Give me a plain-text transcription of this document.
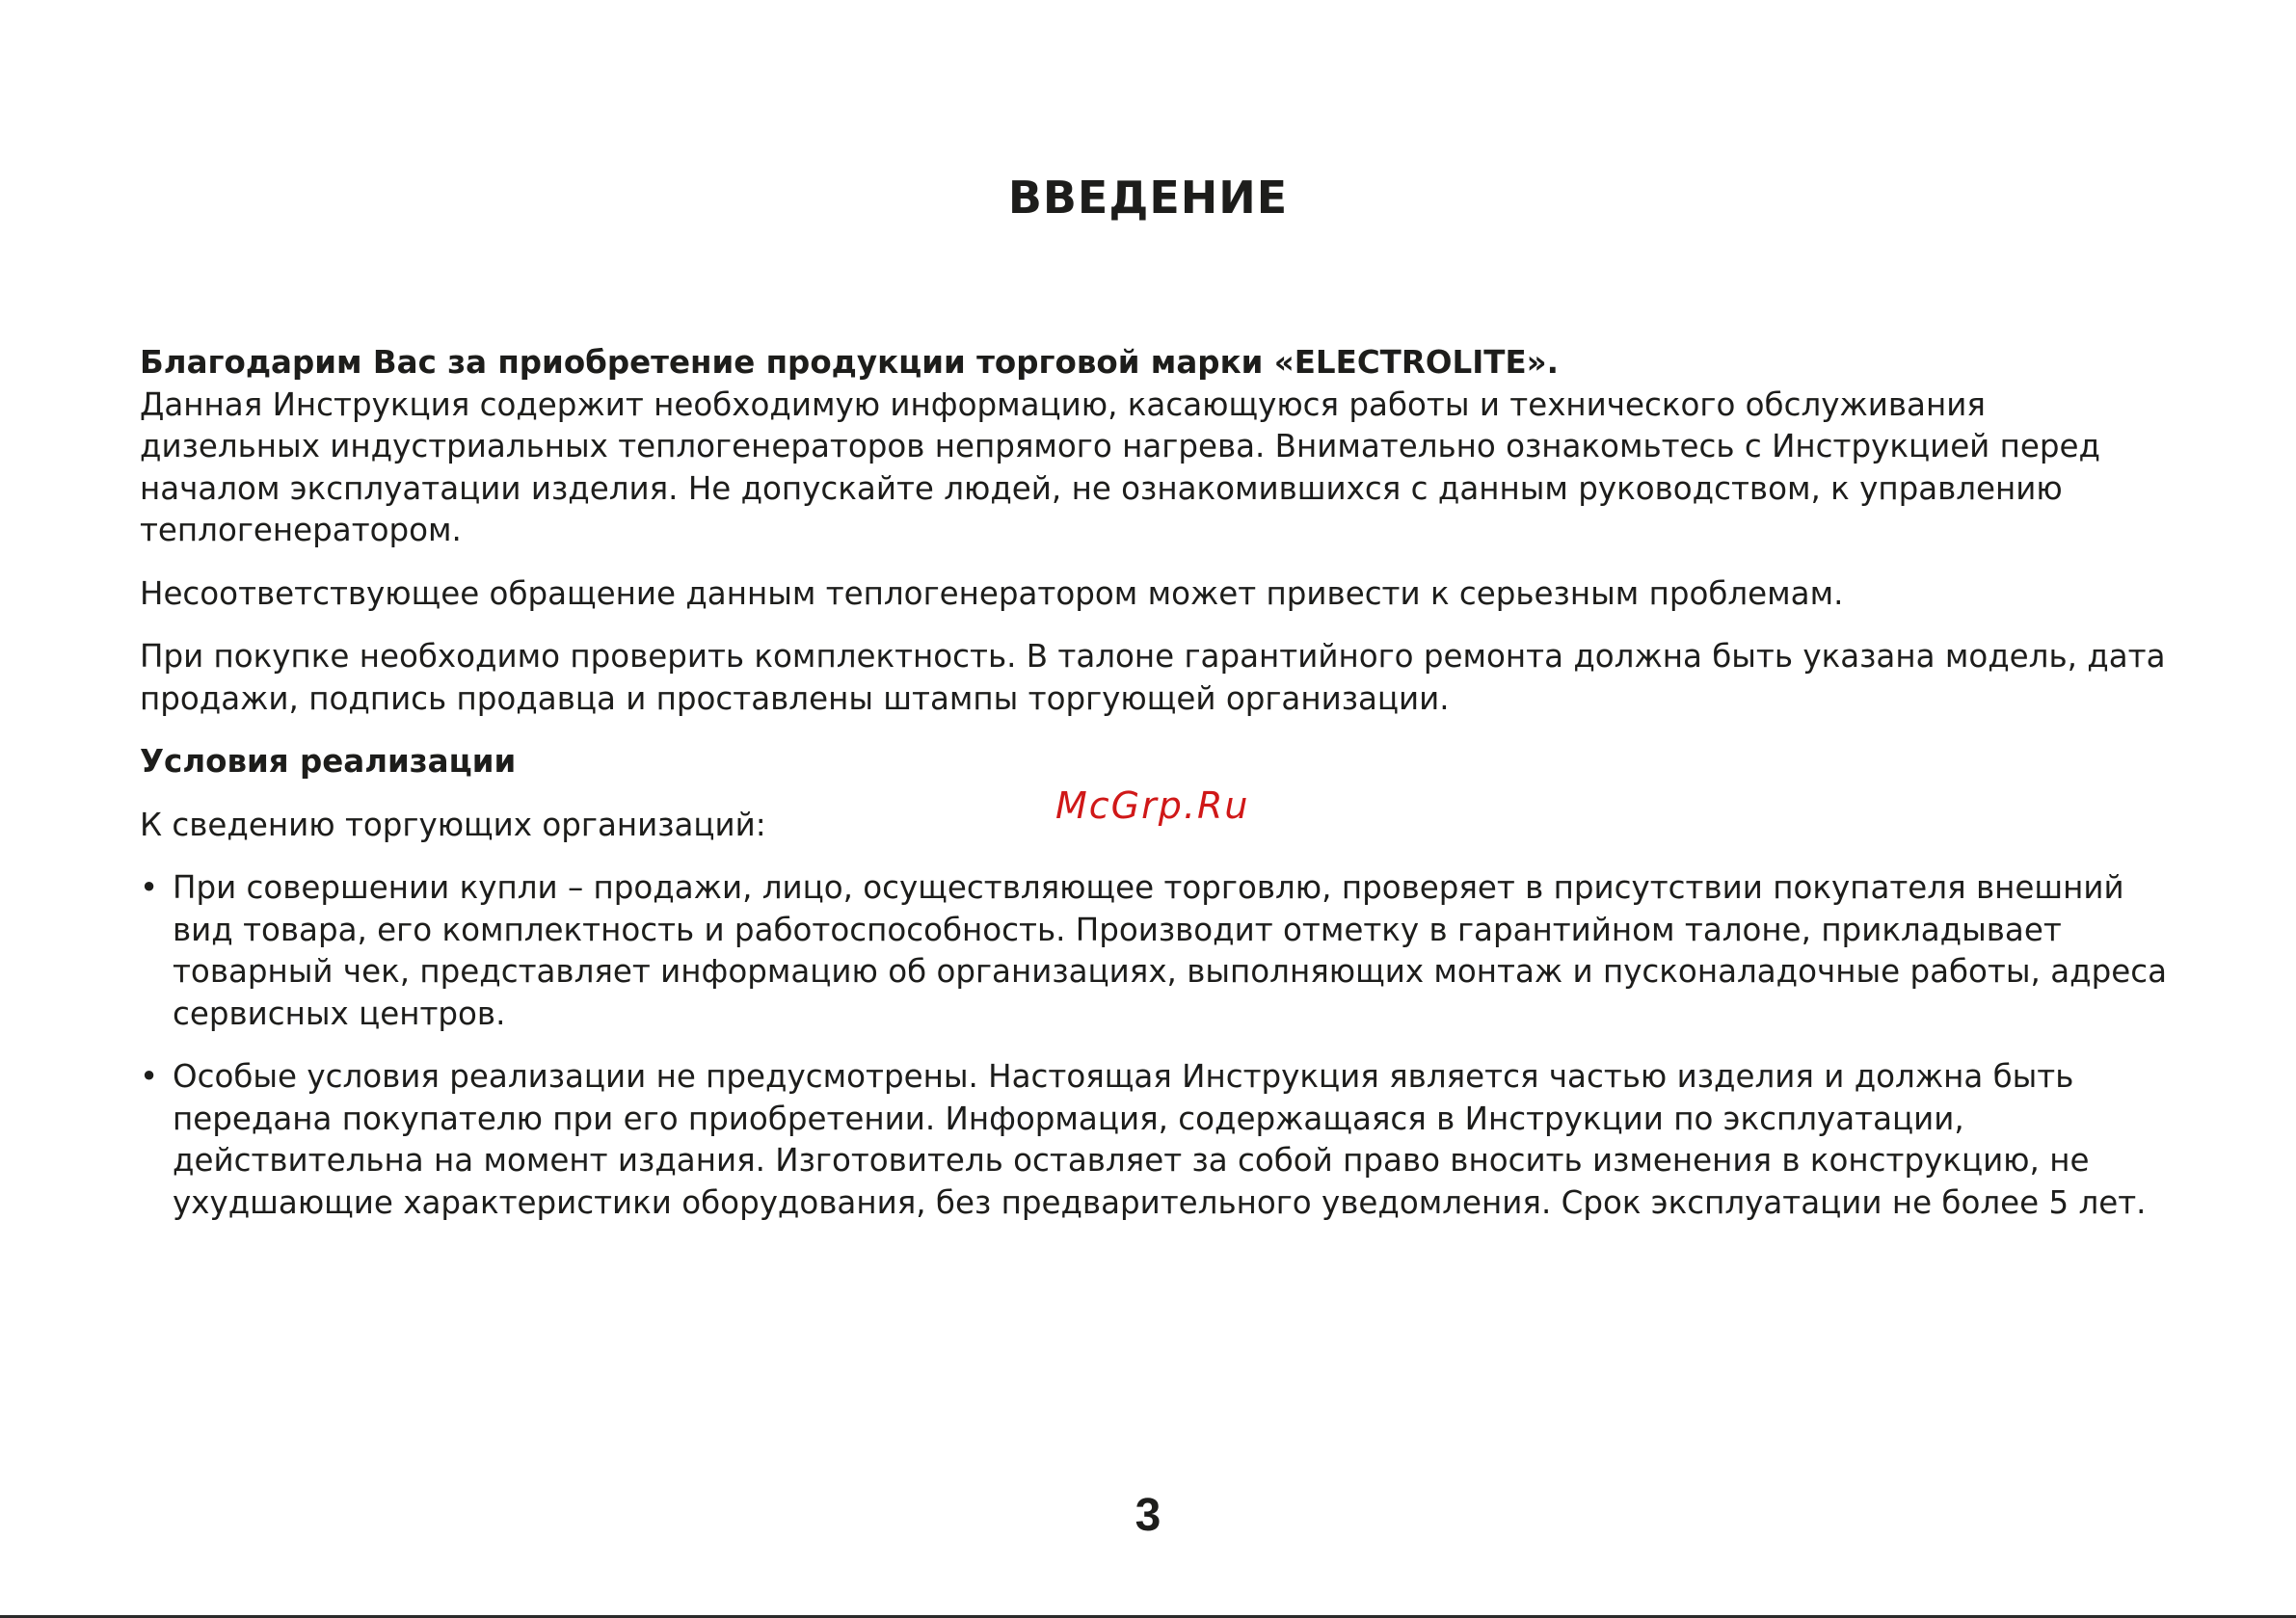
ВВЕДЕНИЕ

Благодарим Вас за приобретение продукции торговой марки «ELECTROLITE».

Данная Инструкция содержит необходимую информацию, касающуюся работы и технического обслуживания дизельных индустриальных теплогенераторов непрямого нагрева. Внимательно ознакомьтесь с Инструкцией перед началом эксплуатации изделия. Не допускайте людей, не ознакомившихся с данным руководством, к управлению теплогенератором.

Несоответствующее обращение данным теплогенератором может привести к серьезным проблемам.

При покупке необходимо проверить комплектность. В талоне гарантийного ремонта должна быть указана модель, дата продажи, подпись продавца и проставлены штампы торгующей организации.

Условия реализации

К сведению торгующих организаций:

• При совершении купли – продажи, лицо, осуществляющее торговлю, проверяет в присутствии покупателя внешний вид товара, его комплектность и работоспособность. Производит отметку в гарантийном талоне, прикладывает товарный чек, представляет информацию об организациях, выполняющих монтаж и пусконаладочные работы, адреса сервисных центров.
• Особые условия реализации не предусмотрены. Настоящая Инструкция является частью изделия и должна быть передана покупателю при его приобретении. Информация, содержащаяся в Инструкции по эксплуатации, действительна на момент издания. Изготовитель оставляет за собой право вносить изменения в конструкцию, не ухудшающие характеристики оборудования, без предварительного уведомления. Срок эксплуатации не более 5 лет.
McGrp.Ru
3
